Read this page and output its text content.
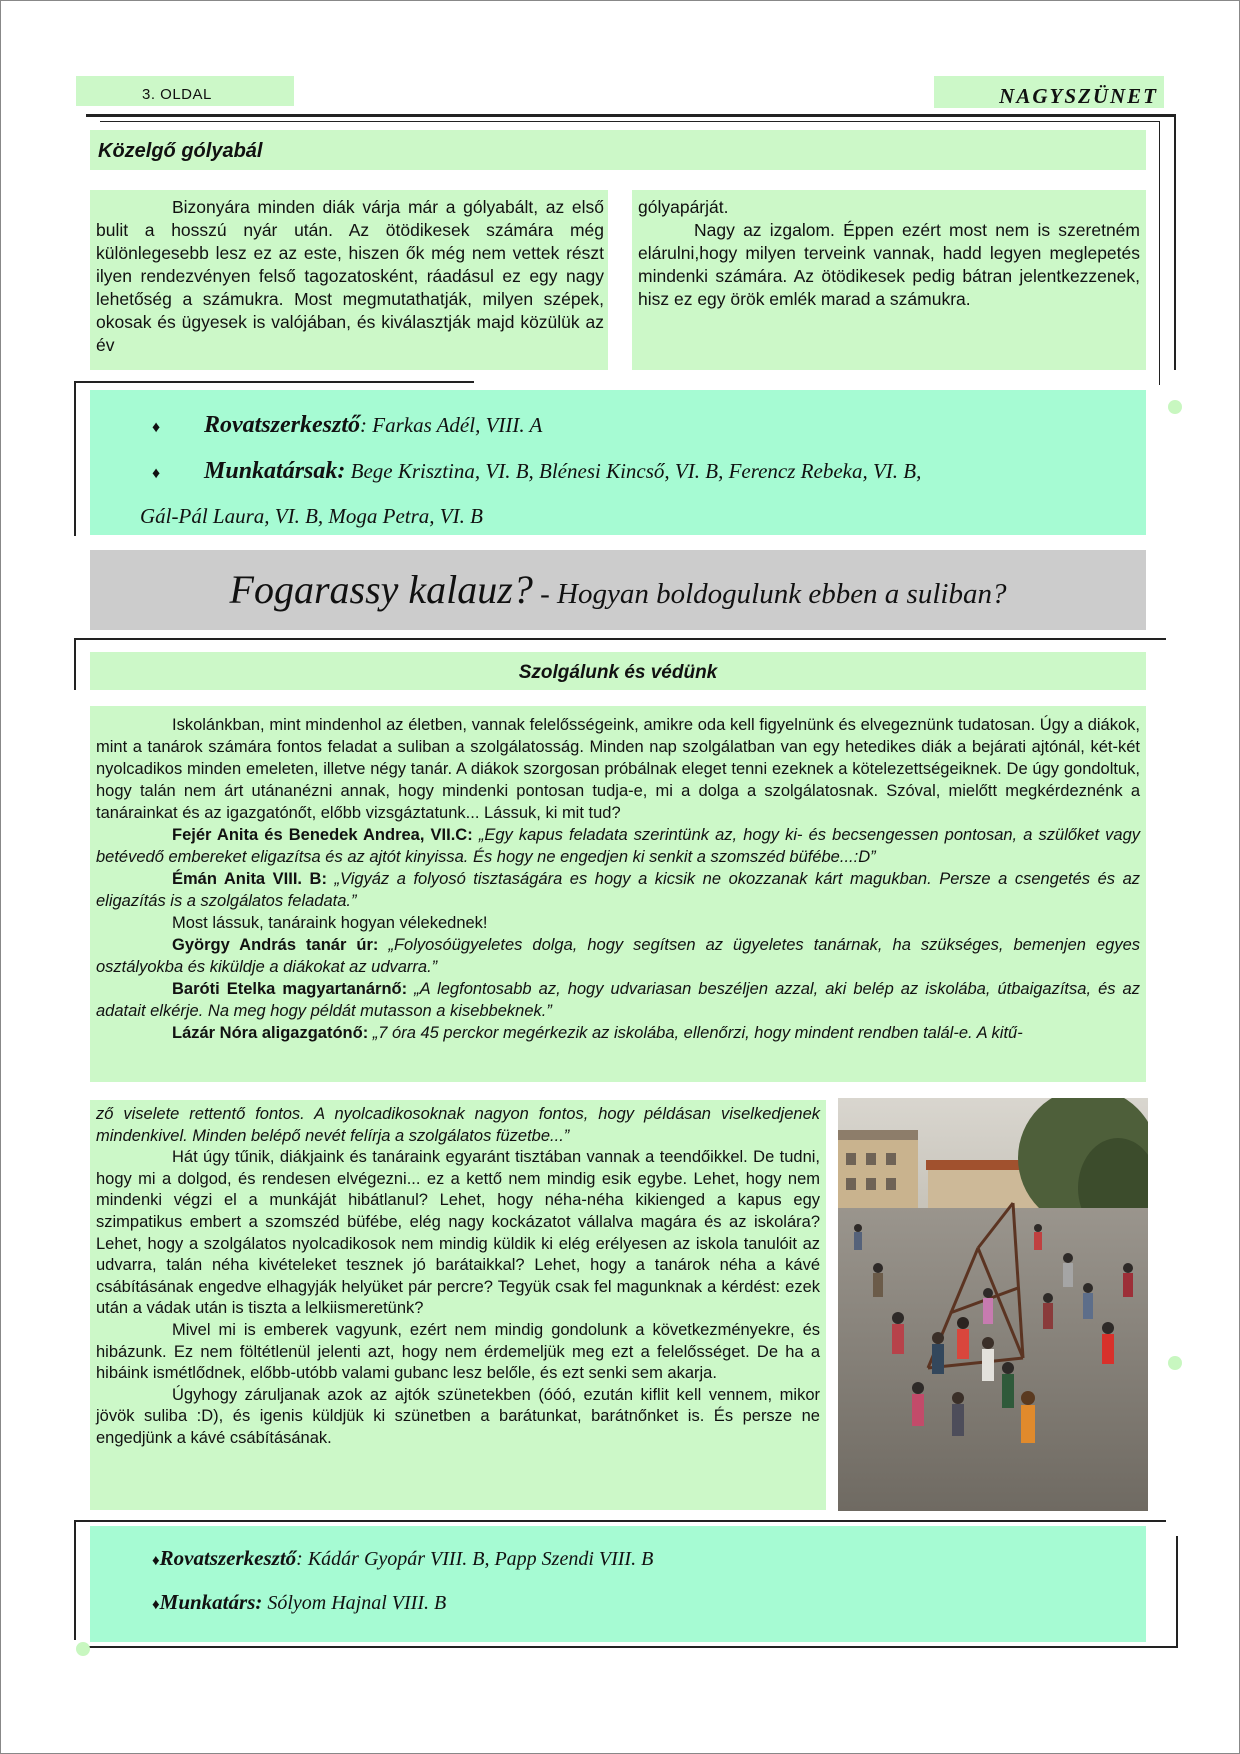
3. OLDAL	NAGYSZÜNET
Közelgő gólyabál

Bizonyára minden diák várja már a gólyabált, az első bulit a hosszú nyár után. Az ötödikesek számára még különlegesebb lesz ez az este, hiszen ők még nem vettek részt ilyen rendezvényen felső tagozatosként, ráadásul ez egy nagy lehetőség a számukra. Most megmutathatják, milyen szépek, okosak és ügyesek is valójában, és kiválasztják majd közülük az év

gólyapárját.

Nagy az izgalom. Éppen ezért most nem is szeretném elárulni,hogy milyen terveink vannak, hadd legyen meglepetés mindenki számára. Az ötödikesek pedig bátran jelentkezzenek, hisz ez egy örök emlék marad a számukra.

♦ Rovatszerkesztő: Farkas Adél, VIII. A
♦ Munkatársak: Bege Krisztina, VI. B, Blénesi Kincső, VI. B, Ferencz Rebeka, VI. B,
Gál-Pál Laura, VI. B, Moga Petra, VI. B
Fogarassy kalauz? - Hogyan boldogulunk ebben a suliban?
Szolgálunk és védünk

Iskolánkban, mint mindenhol az életben, vannak felelősségeink, amikre oda kell figyelnünk és elvegeznünk tudatosan. Úgy a diákok, mint a tanárok számára fontos feladat a suliban a szolgálatosság. Minden nap szolgálatban van egy hetedikes diák a bejárati ajtónál, két-két nyolcadikos minden emeleten, illetve négy tanár. A diákok szorgosan próbálnak eleget tenni ezeknek a kötelezettségeiknek. De úgy gondoltuk, hogy talán nem árt utánanézni annak, hogy mindenki pontosan tudja-e, mi a dolga a szolgálatosnak. Szóval, mielőtt megkérdeznénk a tanárainkat és az igazgatónőt, előbb vizsgáztatunk... Lássuk, ki mit tud?

Fejér Anita és Benedek Andrea, VII.C: „Egy kapus feladata szerintünk az, hogy ki- és becsengessen pontosan, a szülőket vagy betévedő embereket eligazítsa és az ajtót kinyissa. És hogy ne engedjen ki senkit a szomszéd büfébe...:D”

Émán Anita VIII. B: „Vigyáz a folyosó tisztaságára es hogy a kicsik ne okozzanak kárt magukban. Persze a csengetés és az eligazítás is a szolgálatos feladata.”

Most lássuk, tanáraink hogyan vélekednek!

György András tanár úr: „Folyosóügyeletes dolga, hogy segítsen az ügyeletes tanárnak, ha szükséges, bemenjen egyes osztályokba és kiküldje a diákokat az udvarra.”

Baróti Etelka magyartanárnő: „A legfontosabb az, hogy udvariasan beszéljen azzal, aki belép az iskolába, útbaigazítsa, és az adatait elkérje. Na meg hogy példát mutasson a kisebbeknek.”

Lázár Nóra aligazgatónő: „7 óra 45 perckor megérkezik az iskolába, ellenőrzi, hogy mindent rendben talál-e. A kitű-

ző viselete rettentő fontos. A nyolcadikosoknak nagyon fontos, hogy példásan viselkedjenek mindenkivel. Minden belépő nevét felírja a szolgálatos füzetbe...”

Hát úgy tűnik, diákjaink és tanáraink egyaránt tisztában vannak a teendőikkel. De tudni, hogy mi a dolgod, és rendesen elvégezni... ez a kettő nem mindig esik egybe. Lehet, hogy nem mindenki végzi el a munkáját hibátlanul? Lehet, hogy néha-néha kikienged a kapus egy szimpatikus embert a szomszéd büfébe, elég nagy kockázatot vállalva magára és az iskolára? Lehet, hogy a szolgálatos nyolcadikosok nem mindig küldik ki elég erélyesen az iskola tanulóit az udvarra, talán néha kivételeket tesznek jó barátaikkal? Lehet, hogy a tanárok néha a kávé csábításának engedve elhagyják helyüket pár percre? Tegyük csak fel magunknak a kérdést: ezek után a vádak után is tiszta a lelkiismeretünk?

Mivel mi is emberek vagyunk, ezért nem mindig gondolunk a következményekre, és hibázunk. Ez nem föltétlenül jelenti azt, hogy nem érdemeljük meg ezt a felelősséget. De ha a hibáink ismétlődnek, előbb-utóbb valami gubanc lesz belőle, és ezt senki sem akarja.

Úgyhogy záruljanak azok az ajtók szünetekben (óóó, ezután kiflit kell vennem, mikor jövök suliba :D), és igenis küldjük ki szünetben a barátunkat, barátnőnket is. És persze ne engedjünk a kávé csábításának.

♦Rovatszerkesztő: Kádár Gyopár VIII. B, Papp Szendi VIII. B
♦Munkatárs: Sólyom Hajnal VIII. B
